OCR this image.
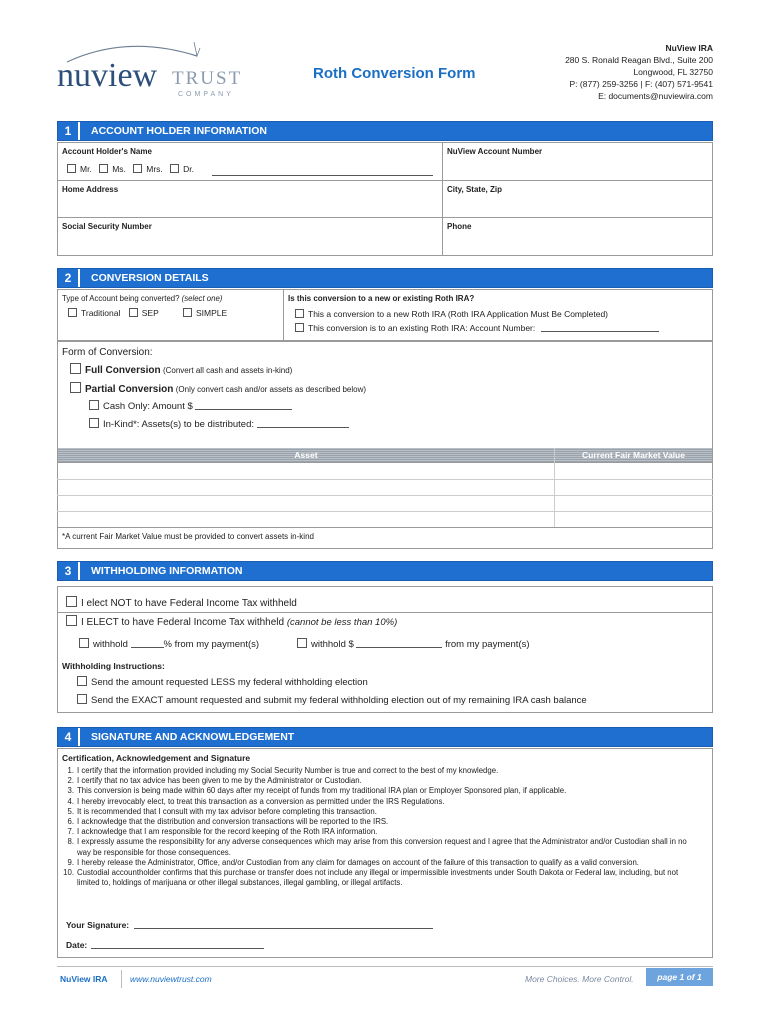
nuview TRUST
COMPANY
Roth Conversion Form
NuView IRA
280 S. Ronald Reagan Blvd., Suite 200
Longwood, FL 32750
P: (877) 259-3256 | F: (407) 571-9541
E: documents@nuviewira.com
1	ACCOUNT HOLDER INFORMATION
Account Holder's Name	NuView Account Number
Mr. Ms. Mrs. Dr.
Home Address	City, State, Zip
Social Security Number	Phone
2	CONVERSION DETAILS
Type of Account being converted? (select one)
Traditional	SEP	SIMPLE
Is this conversion to a new or existing Roth IRA?
This a conversion to a new Roth IRA (Roth IRA Application Must Be Completed)
This conversion is to an existing Roth IRA: Account Number:
Form of Conversion:
Full Conversion (Convert all cash and assets in-kind)
Partial Conversion (Only convert cash and/or assets as described below)
Cash Only: Amount $
In-Kind*: Assets(s) to be distributed:
Asset	Current Fair Market Value
*A current Fair Market Value must be provided to convert assets in-kind
3	WITHHOLDING INFORMATION
I elect NOT to have Federal Income Tax withheld
I ELECT to have Federal Income Tax withheld (cannot be less than 10%)
withhold	% from my payment(s)	withhold $	from my payment(s)
Withholding Instructions:
Send the amount requested LESS my federal withholding election
Send the EXACT amount requested and submit my federal withholding election out of my remaining IRA cash balance
4	SIGNATURE AND ACKNOWLEDGEMENT
Certification, Acknowledgement and Signature
1. I certify that the information provided including my Social Security Number is true and correct to the best of my knowledge.
2. I certify that no tax advice has been given to me by the Administrator or Custodian.
3. This conversion is being made within 60 days after my receipt of funds from my traditional IRA plan or Employer Sponsored plan, if applicable.
4. I hereby irrevocably elect, to treat this transaction as a conversion as permitted under the IRS Regulations.
5. It is recommended that I consult with my tax advisor before completing this transaction.
6. I acknowledge that the distribution and conversion transactions will be reported to the IRS.
7. I acknowledge that I am responsible for the record keeping of the Roth IRA information.
8. I expressly assume the responsibility for any adverse consequences which may arise from this conversion request and I agree that the Administrator and/or Custodian shall in no way be responsible for those consequences.
9. I hereby release the Administrator, Office, and/or Custodian from any claim for damages on account of the failure of this transaction to qualify as a valid conversion.
10. Custodial accountholder confirms that this purchase or transfer does not include any illegal or impermissible investments under South Dakota or Federal law, including, but not limited to, holdings of marijuana or other illegal substances, illegal gambling, or illegal artifacts.
Your Signature:
Date:
NuView IRA	www.nuviewtrust.com	More Choices. More Control.	page 1 of 1
